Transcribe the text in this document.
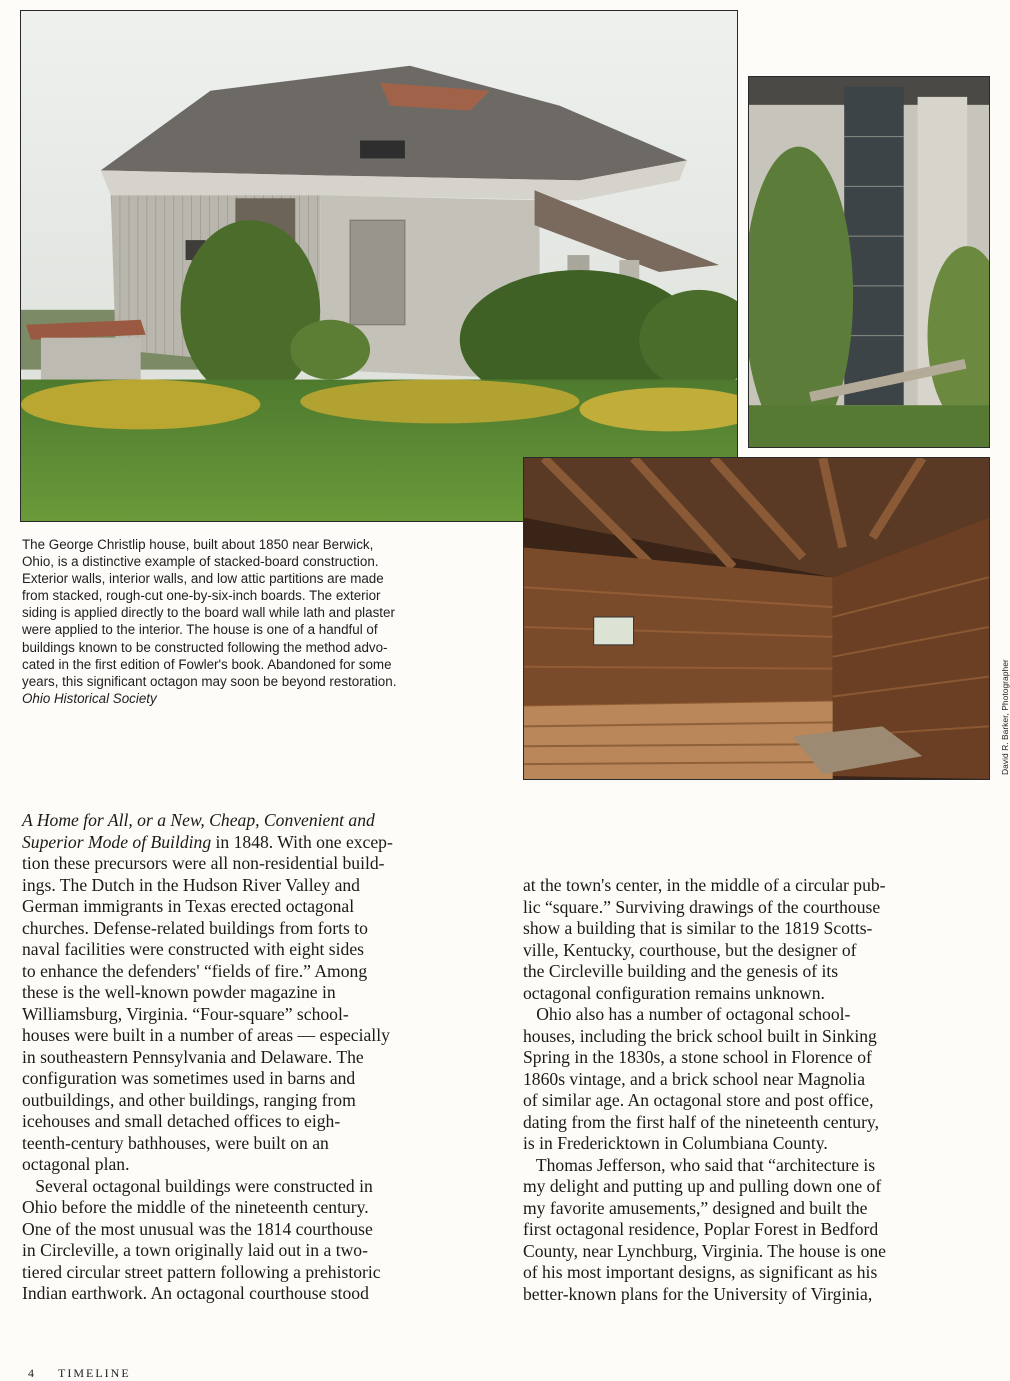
The George Christlip house, built about 1850 near Berwick,
Ohio, is a distinctive example of stacked-board construction.
Exterior walls, interior walls, and low attic partitions are made
from stacked, rough-cut one-by-six-inch boards. The exterior
siding is applied directly to the board wall while lath and plaster
were applied to the interior. The house is one of a handful of
buildings known to be constructed following the method advo-
cated in the first edition of Fowler's book. Abandoned for some
years, this significant octagon may soon be beyond restoration.
Ohio Historical Society	David R. Barker, Photographer
A Home for All, or a New, Cheap, Convenient and
Superior Mode of Building in 1848. With one excep-
tion these precursors were all non-residential build-
ings. The Dutch in the Hudson River Valley and
German immigrants in Texas erected octagonal
churches. Defense-related buildings from forts to
naval facilities were constructed with eight sides
to enhance the defenders' “fields of fire.” Among
these is the well-known powder magazine in
Williamsburg, Virginia. “Four-square” school-
houses were built in a number of areas — especially
in southeastern Pennsylvania and Delaware. The
configuration was sometimes used in barns and
outbuildings, and other buildings, ranging from
icehouses and small detached offices to eigh-
teenth-century bathhouses, were built on an
octagonal plan.
Several octagonal buildings were constructed in
Ohio before the middle of the nineteenth century.
One of the most unusual was the 1814 courthouse
in Circleville, a town originally laid out in a two-
tiered circular street pattern following a prehistoric
Indian earthwork. An octagonal courthouse stood
at the town's center, in the middle of a circular pub-
lic “square.” Surviving drawings of the courthouse
show a building that is similar to the 1819 Scotts-
ville, Kentucky, courthouse, but the designer of
the Circleville building and the genesis of its
octagonal configuration remains unknown.
Ohio also has a number of octagonal school-
houses, including the brick school built in Sinking
Spring in the 1830s, a stone school in Florence of
1860s vintage, and a brick school near Magnolia
of similar age. An octagonal store and post office,
dating from the first half of the nineteenth century,
is in Fredericktown in Columbiana County.
Thomas Jefferson, who said that “architecture is
my delight and putting up and pulling down one of
my favorite amusements,” designed and built the
first octagonal residence, Poplar Forest in Bedford
County, near Lynchburg, Virginia. The house is one
of his most important designs, as significant as his
better-known plans for the University of Virginia,
4 TIMELINE
